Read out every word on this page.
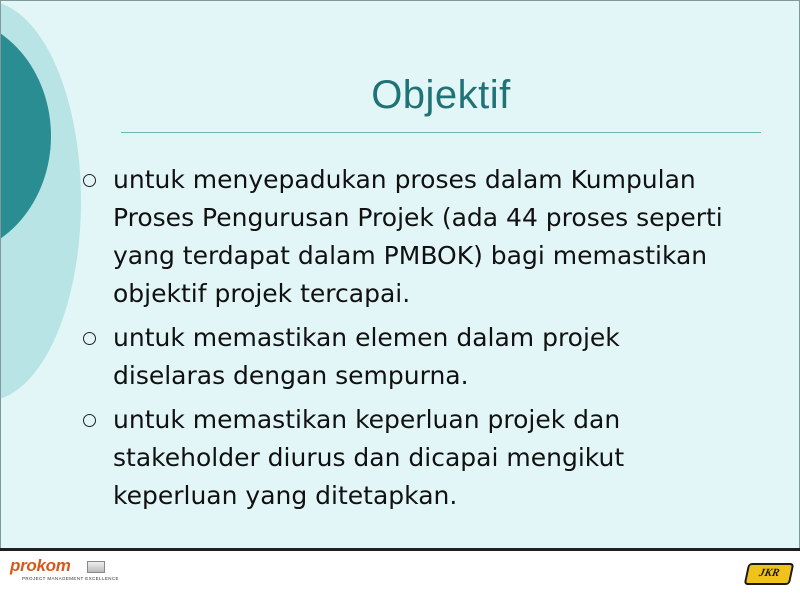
Objektif
untuk menyepadukan proses dalam Kumpulan Proses Pengurusan Projek (ada 44 proses seperti yang terdapat dalam PMBOK) bagi memastikan objektif projek tercapai.
untuk memastikan elemen dalam projek diselaras dengan sempurna.
untuk memastikan keperluan projek dan stakeholder diurus dan dicapai mengikut keperluan yang ditetapkan.
prokom
PROJECT MANAGEMENT EXCELLENCE	JKR
